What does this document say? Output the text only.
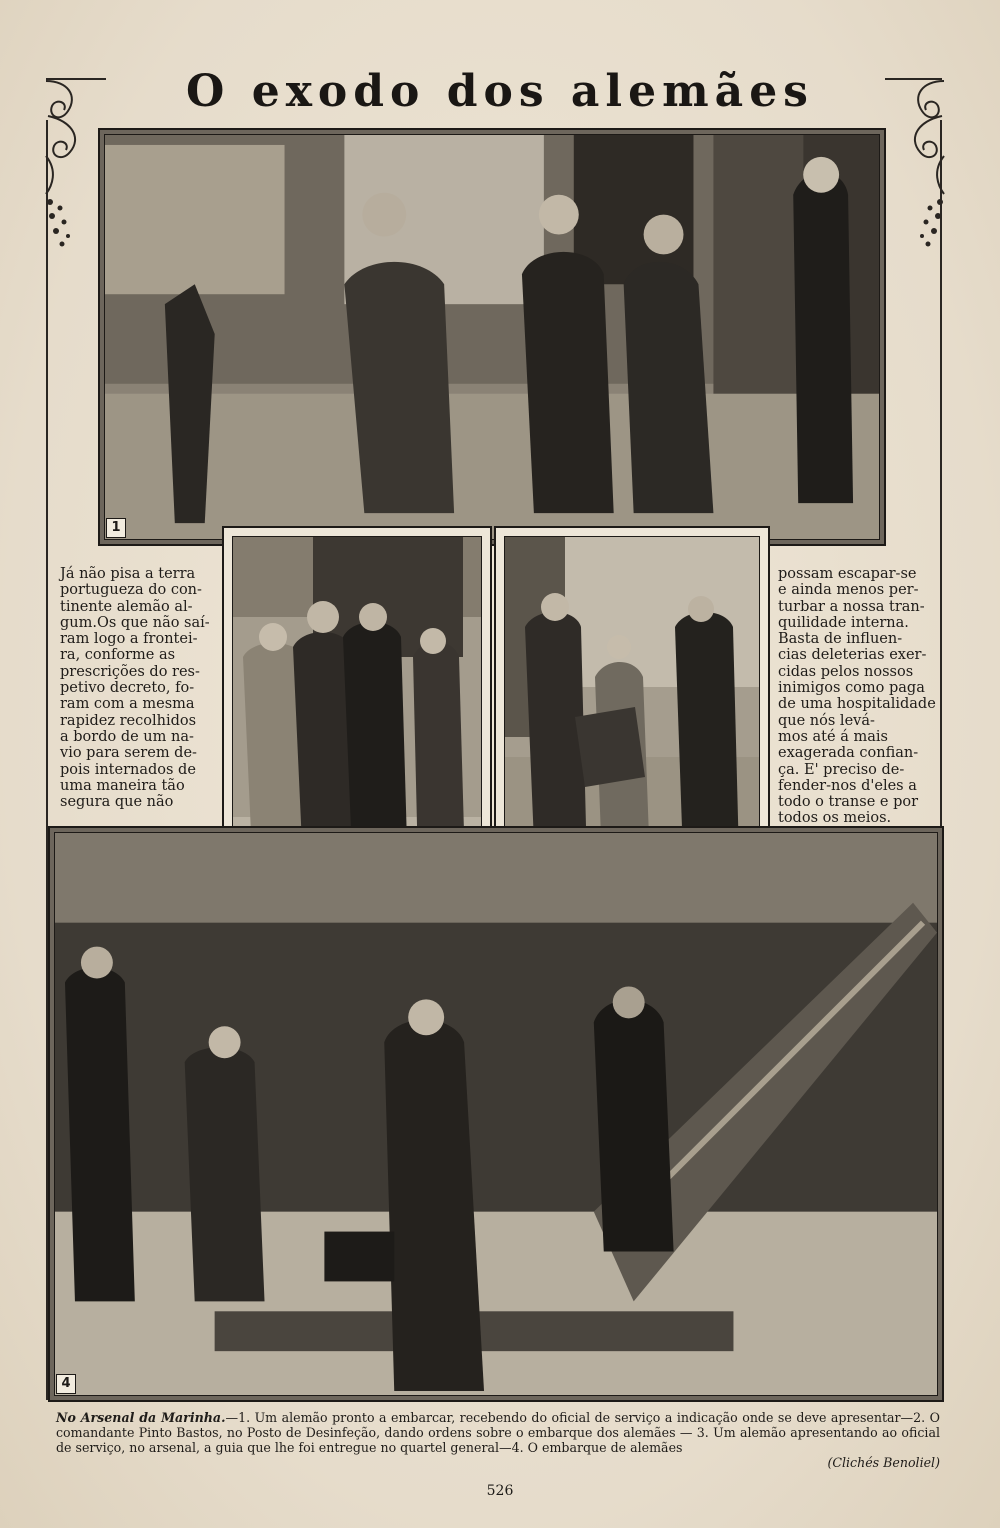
O exodo dos alemães
1
Já não pisa a terra
portugueza do con-
tinente alemão al-
gum.Os que não saí-
ram logo a frontei-
ra, conforme as
prescrições do res-
petivo decreto, fo-
ram com a mesma
rapidez recolhidos
a bordo de um na-
vio para serem de-
pois internados de
uma maneira tão
segura que não
possam escapar-se
e ainda menos per-
turbar a nossa tran-
quilidade interna.
Basta de influen-
cias deleterias exer-
cidas pelos nossos
inimigos como paga
de uma hospitalidade
que nós levá-
mos até á mais
exagerada confian-
ça. E' preciso de-
fender-nos d'eles a
todo o transe e por
todos os meios.
4
No Arsenal da Marinha.—1. Um alemão pronto a embarcar, recebendo do oficial de serviço a indicação onde se deve apresentar—2. O comandante Pinto Bastos, no Posto de Desinfeção, dando ordens sobre o embarque dos alemães — 3. Um alemão apresentando ao oficial de serviço, no arsenal, a guia que lhe foi entregue no quartel general—4. O embarque de alemães
(Clichés Benoliel)
526
